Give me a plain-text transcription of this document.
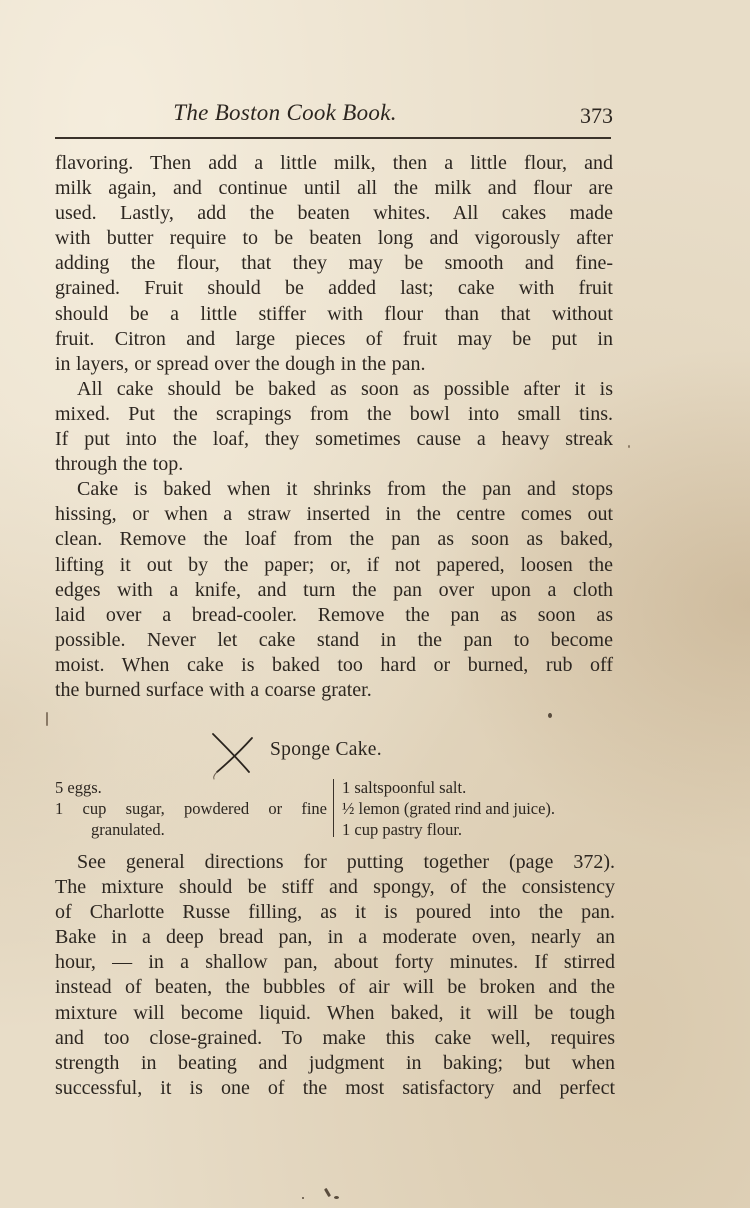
The Boston Cook Book.	373

flavoring. Then add a little milk, then a little flour, and
milk again, and continue until all the milk and flour are
used. Lastly, add the beaten whites. All cakes made
with butter require to be beaten long and vigorously after
adding the flour, that they may be smooth and fine-
grained. Fruit should be added last; cake with fruit
should be a little stiffer with flour than that without
fruit. Citron and large pieces of fruit may be put in
in layers, or spread over the dough in the pan.

All cake should be baked as soon as possible after it is
mixed. Put the scrapings from the bowl into small tins.
If put into the loaf, they sometimes cause a heavy streak
through the top.

Cake is baked when it shrinks from the pan and stops
hissing, or when a straw inserted in the centre comes out
clean. Remove the loaf from the pan as soon as baked,
lifting it out by the paper; or, if not papered, loosen the
edges with a knife, and turn the pan over upon a cloth
laid over a bread-cooler. Remove the pan as soon as
possible. Never let cake stand in the pan to become
moist. When cake is baked too hard or burned, rub off
the burned surface with a coarse grater.

Sponge Cake.
5 eggs.
1 cup sugar, powdered or fine
granulated.
1 saltspoonful salt.
½ lemon (grated rind and juice).
1 cup pastry flour.

See general directions for putting together (page 372).
The mixture should be stiff and spongy, of the consistency
of Charlotte Russe filling, as it is poured into the pan.
Bake in a deep bread pan, in a moderate oven, nearly an
hour, — in a shallow pan, about forty minutes. If stirred
instead of beaten, the bubbles of air will be broken and the
mixture will become liquid. When baked, it will be tough
and too close-grained. To make this cake well, requires
strength in beating and judgment in baking; but when
successful, it is one of the most satisfactory and perfect
